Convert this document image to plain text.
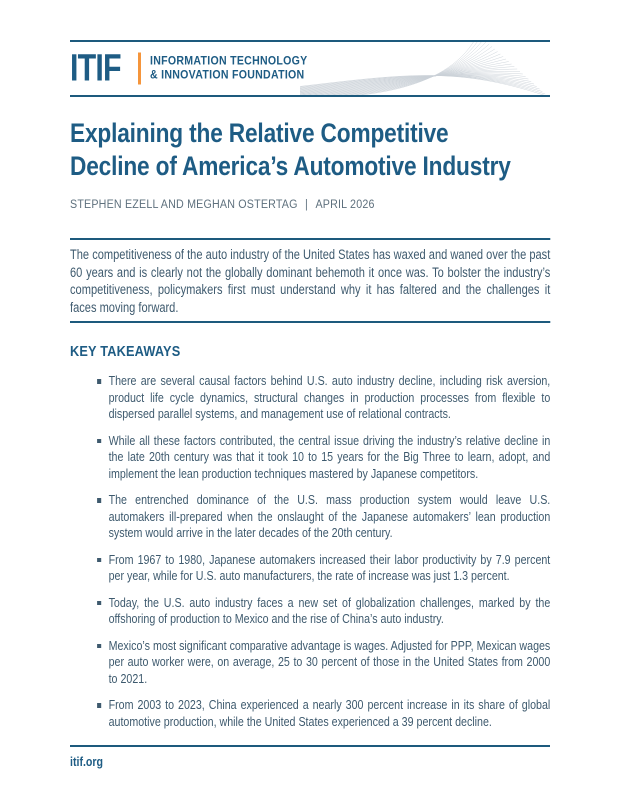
ITIF	INFORMATION TECHNOLOGY
& INNOVATION FOUNDATION
Explaining the Relative Competitive
Decline of America’s Automotive Industry
STEPHEN EZELL AND MEGHAN OSTERTAG | APRIL 2026

The competitiveness of the auto industry of the United States has waxed and waned over the past 60 years and is clearly not the globally dominant behemoth it once was. To bolster the industry’s competitiveness, policymakers first must understand why it has faltered and the challenges it faces moving forward.

KEY TAKEAWAYS
There are several causal factors behind U.S. auto industry decline, including risk aversion, product life cycle dynamics, structural changes in production processes from flexible to dispersed parallel systems, and management use of relational contracts.
While all these factors contributed, the central issue driving the industry’s relative decline in the late 20th century was that it took 10 to 15 years for the Big Three to learn, adopt, and implement the lean production techniques mastered by Japanese competitors.
The entrenched dominance of the U.S. mass production system would leave U.S. automakers ill-prepared when the onslaught of the Japanese automakers’ lean production system would arrive in the later decades of the 20th century.
From 1967 to 1980, Japanese automakers increased their labor productivity by 7.9 percent per year, while for U.S. auto manufacturers, the rate of increase was just 1.3 percent.
Today, the U.S. auto industry faces a new set of globalization challenges, marked by the offshoring of production to Mexico and the rise of China’s auto industry.
Mexico’s most significant comparative advantage is wages. Adjusted for PPP, Mexican wages per auto worker were, on average, 25 to 30 percent of those in the United States from 2000 to 2021.
From 2003 to 2023, China experienced a nearly 300 percent increase in its share of global automotive production, while the United States experienced a 39 percent decline.
itif.org
